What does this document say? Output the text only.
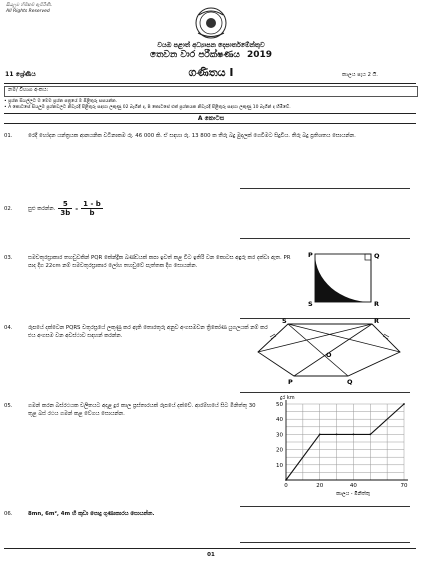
සියලුම හිමිකම් ඇවිරිණි.
All Rights Reserved
වයඹ පළාත් අධ්‍යාපන දෙපාර්තමේන්තුව
තෙවන වාර පරීක්ෂණය 2019
11 ශ්‍රේණිය	ගණිතය I	කාලය පැය 2 යි.
නම/ විභාග අංකය:
• ප්‍රශ්න සියල්ලට ම මෙම ප්‍රශ්න පත්‍රයේ ම පිළිතුරු සපයන්න.
• A කොටසේ සියලුම ප්‍රශ්නවලට නිවැරදි පිළිතුරු සඳහා ලකුණු 02 බැගින් ද, B කොටසේ එක් ප්‍රශ්නයක නිවැරදි පිළිතුරු සඳහා ලකුණු 10 බැගින් ද හිමිවේ.
A කොටස
01.	රෙදි හෝදන යන්ත්‍රයක ආනයනික වටිනාකම රු. 46 000 කි. ඒ සඳහා රු. 13 800 ක තීරු බදු මුදලක් ගෙවිමට සිදුවිය. තීරු බදු ප්‍රතිශතය සොයන්න.
02.	සුළු කරන්න. $\frac{5}{3b} - \frac{1 - b}{b}$
03.	සමචතුරස්‍රාකාර තහඩුවකින් PQR කේන්ද්‍රික ඛණ්ඩයක් කපා ඉවත් කළ විට ඉතිරි වන කොටස අඳුරු කර දක්වා ඇත. PR පාද දිග 22cm නම් සමචතුරස්‍රාකාර ලෝහ තහඩුවේ පැත්තක දිග සොයන්න.
P	Q
R
S
04.	රූපයේ දක්වෙන PQRS චතුරස්‍රයේ ලකුණු කර ඇති තොරතුරු අනුව අංගසමවන ත්‍රිකෝණ යුගලයක් නම් කර එය අංගසම වන අවස්ථාව සඳහන් කරන්න.
S	R
O
P	Q
05.	ගමන් කරන බස්රථයක චලිතයට අදාළ දුර කාල ප්‍රස්තාරයක් රූපයේ දක්වේ. ආරම්භයේ සිට මිනිත්තු 30 තුළ බස් රථය ගමන් කළ වේගය සොයන්න.
10
20
30
40
50
0	20	40	70
දුර km
කාලය - මිනිත්තු
06.	8mn, 6m², 4m හි කුඩා පොදු ගුණාකාරය සොයන්න.
01
